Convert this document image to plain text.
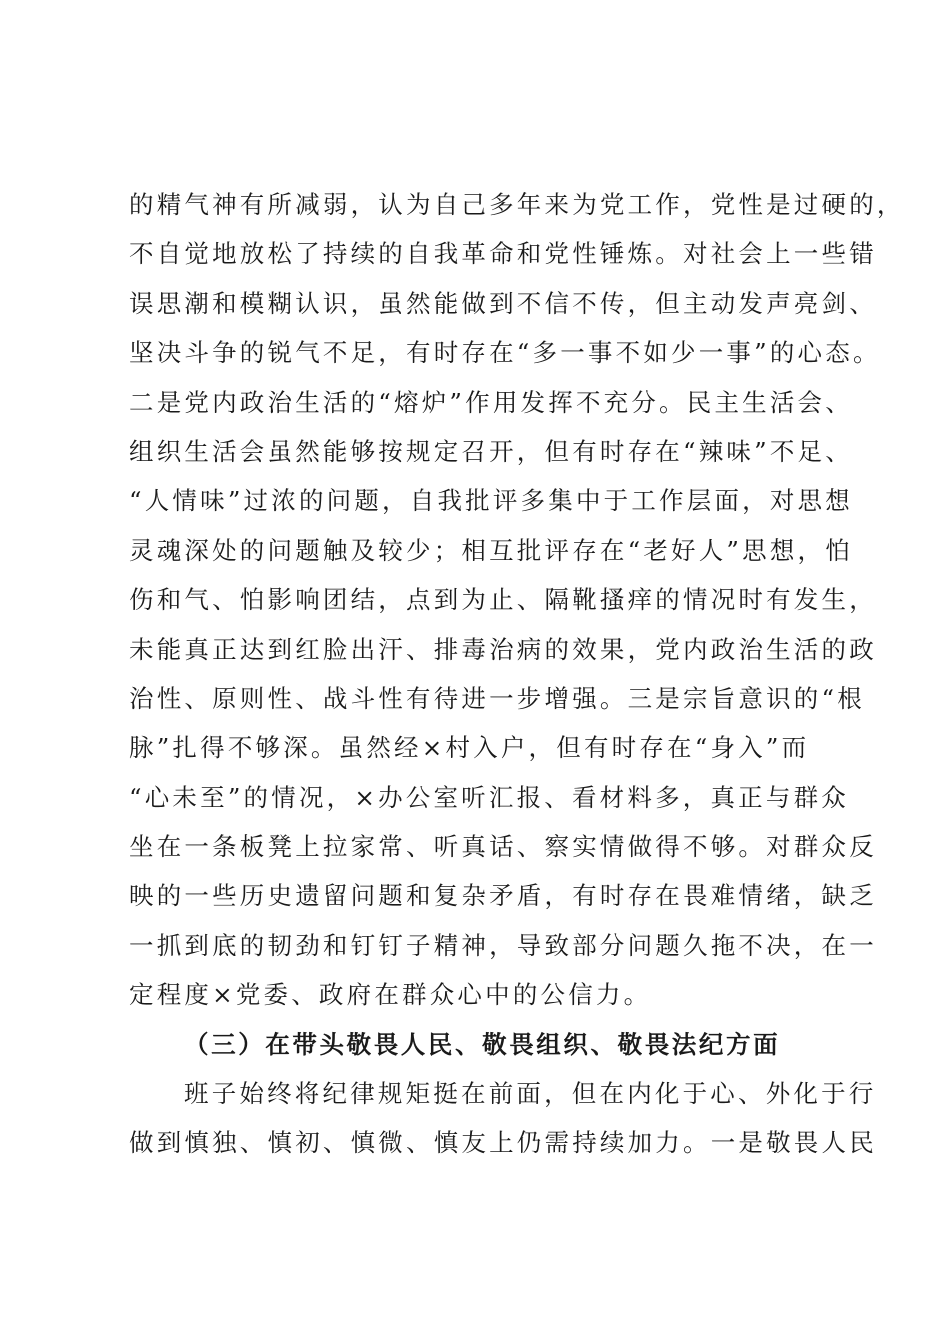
的精气神有所减弱，认为自己多年来为党工作，党性是过硬的，
不自觉地放松了持续的自我革命和党性锤炼。对社会上一些错
误思潮和模糊认识，虽然能做到不信不传，但主动发声亮剑、
坚决斗争的锐气不足，有时存在“多一事不如少一事”的心态。
二是党内政治生活的“熔炉”作用发挥不充分。民主生活会、
组织生活会虽然能够按规定召开，但有时存在“辣味”不足、
“人情味”过浓的问题，自我批评多集中于工作层面，对思想
灵魂深处的问题触及较少；相互批评存在“老好人”思想，怕
伤和气、怕影响团结，点到为止、隔靴搔痒的情况时有发生，
未能真正达到红脸出汗、排毒治病的效果，党内政治生活的政
治性、原则性、战斗性有待进一步增强。三是宗旨意识的“根
脉”扎得不够深。虽然经×村入户，但有时存在“身入”而
“心未至”的情况，×办公室听汇报、看材料多，真正与群众
坐在一条板凳上拉家常、听真话、察实情做得不够。对群众反
映的一些历史遗留问题和复杂矛盾，有时存在畏难情绪，缺乏
一抓到底的韧劲和钉钉子精神，导致部分问题久拖不决，在一
定程度×党委、政府在群众心中的公信力。
（三）在带头敬畏人民、敬畏组织、敬畏法纪方面
班子始终将纪律规矩挺在前面，但在内化于心、外化于行
做到慎独、慎初、慎微、慎友上仍需持续加力。一是敬畏人民
